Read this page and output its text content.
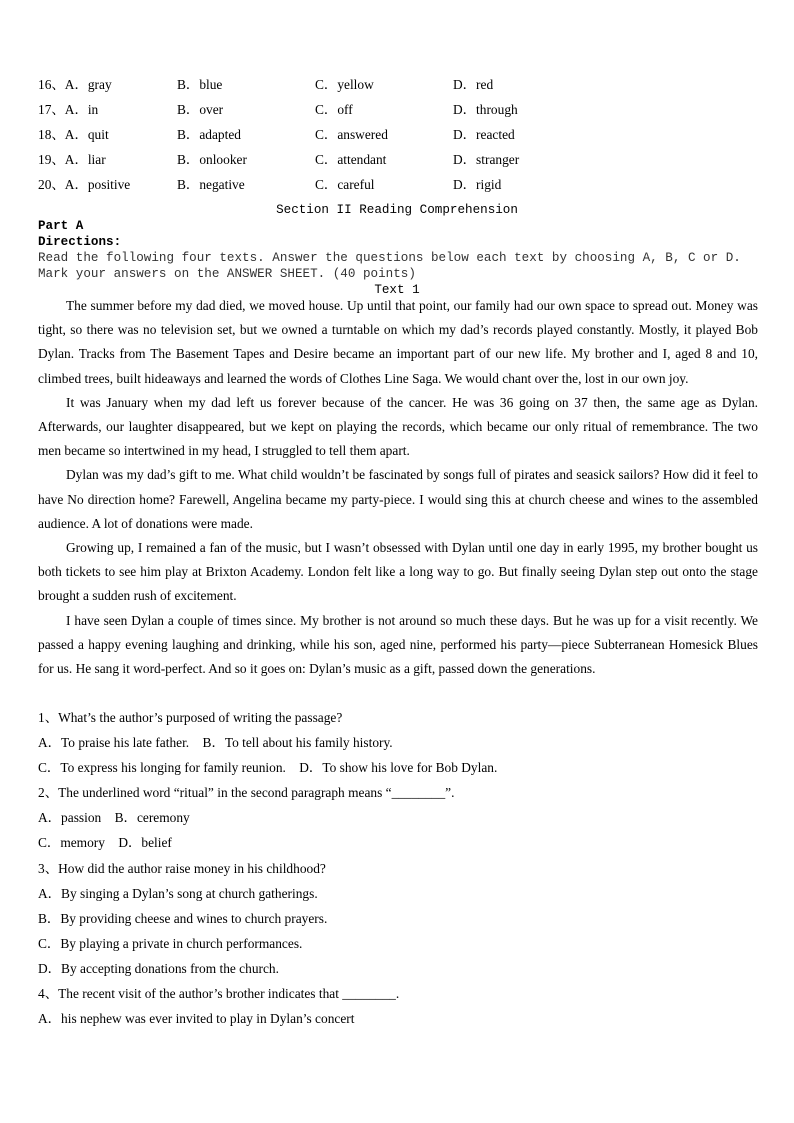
16、A．gray	B．blue	C．yellow	D．red
17、A．in	B．over	C．off	D．through
18、A．quit	B．adapted	C．answered	D．reacted
19、A．liar	B．onlooker	C．attendant	D．stranger
20、A．positive	B．negative	C．careful	D．rigid
Section II Reading Comprehension
Part A
Directions:
Read the following four texts. Answer the questions below each text by choosing A, B, C or D. Mark your answers on the ANSWER SHEET. (40 points)
Text 1

The summer before my dad died, we moved house. Up until that point, our family had our own space to spread out. Money was tight, so there was no television set, but we owned a turntable on which my dad’s records played constantly. Mostly, it played Bob Dylan. Tracks from The Basement Tapes and Desire became an important part of our new life. My brother and I, aged 8 and 10, climbed trees, built hideaways and learned the words of Clothes Line Saga. We would chant over the, lost in our own joy.

It was January when my dad left us forever because of the cancer. He was 36 going on 37 then, the same age as Dylan. Afterwards, our laughter disappeared, but we kept on playing the records, which became our only ritual of remembrance. The two men became so intertwined in my head, I struggled to tell them apart.

Dylan was my dad’s gift to me. What child wouldn’t be fascinated by songs full of pirates and seasick sailors? How did it feel to have No direction home? Farewell, Angelina became my party-piece. I would sing this at church cheese and wines to the assembled audience. A lot of donations were made.

Growing up, I remained a fan of the music, but I wasn’t obsessed with Dylan until one day in early 1995, my brother bought us both tickets to see him play at Brixton Academy. London felt like a long way to go. But finally seeing Dylan step out onto the stage brought a sudden rush of excitement.

I have seen Dylan a couple of times since. My brother is not around so much these days. But he was up for a visit recently. We passed a happy evening laughing and drinking, while his son, aged nine, performed his party—piece Subterranean Homesick Blues for us. He sang it word-perfect. And so it goes on: Dylan’s music as a gift, passed down the generations.

1、What’s the author’s purposed of writing the passage?
A．To praise his late father.    B．To tell about his family history.
C．To express his longing for family reunion.    D．To show his love for Bob Dylan.
2、The underlined word “ritual” in the second paragraph means “________”.
A．passion    B．ceremony
C．memory    D．belief
3、How did the author raise money in his childhood?
A．By singing a Dylan’s song at church gatherings.
B．By providing cheese and wines to church prayers.
C．By playing a private in church performances.
D．By accepting donations from the church.
4、The recent visit of the author’s brother indicates that ________.
A．his nephew was ever invited to play in Dylan’s concert
